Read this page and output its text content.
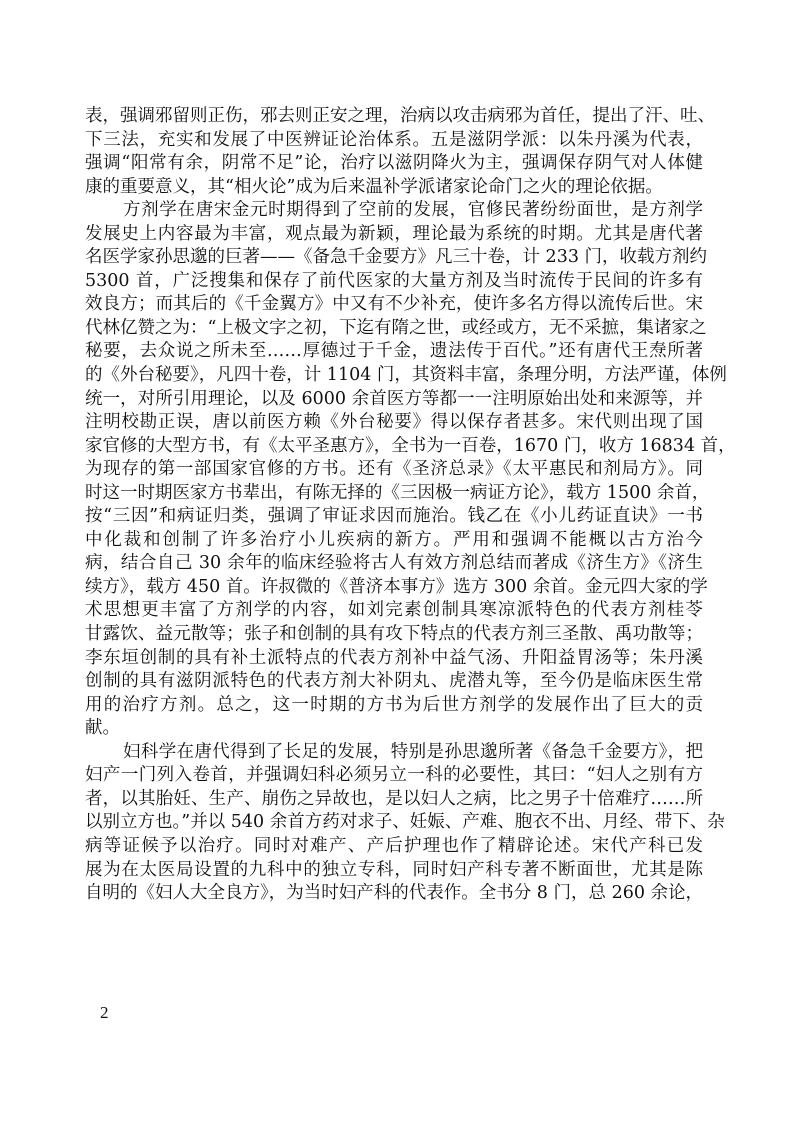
表，强调邪留则正伤，邪去则正安之理，治病以攻击病邪为首任，提出了汗、吐、
下三法，充实和发展了中医辨证论治体系。五是滋阴学派：以朱丹溪为代表，
强调“阳常有余，阴常不足”论，治疗以滋阴降火为主，强调保存阴气对人体健
康的重要意义，其“相火论”成为后来温补学派诸家论命门之火的理论依据。
方剂学在唐宋金元时期得到了空前的发展，官修民著纷纷面世，是方剂学
发展史上内容最为丰富，观点最为新颖，理论最为系统的时期。尤其是唐代著
名医学家孙思邈的巨著——《备急千金要方》凡三十卷，计 233 门，收载方剂约
5300 首，广泛搜集和保存了前代医家的大量方剂及当时流传于民间的许多有
效良方；而其后的《千金翼方》中又有不少补充，使许多名方得以流传后世。宋
代林亿赞之为：“上极文字之初，下迄有隋之世，或经或方，无不采摭，集诸家之
秘要，去众说之所未至……厚德过于千金，遗法传于百代。”还有唐代王焘所著
的《外台秘要》，凡四十卷，计 1104 门，其资料丰富，条理分明，方法严谨，体例
统一，对所引用理论，以及 6000 余首医方等都一一注明原始出处和来源等，并
注明校勘正误，唐以前医方赖《外台秘要》得以保存者甚多。宋代则出现了国
家官修的大型方书，有《太平圣惠方》，全书为一百卷，1670 门，收方 16834 首，
为现存的第一部国家官修的方书。还有《圣济总录》《太平惠民和剂局方》。同
时这一时期医家方书辈出，有陈无择的《三因极一病证方论》，载方 1500 余首，
按“三因”和病证归类，强调了审证求因而施治。钱乙在《小儿药证直诀》一书
中化裁和创制了许多治疗小儿疾病的新方。严用和强调不能概以古方治今
病，结合自己 30 余年的临床经验将古人有效方剂总结而著成《济生方》《济生
续方》，载方 450 首。许叔微的《普济本事方》选方 300 余首。金元四大家的学
术思想更丰富了方剂学的内容，如刘完素创制具寒凉派特色的代表方剂桂苓
甘露饮、益元散等；张子和创制的具有攻下特点的代表方剂三圣散、禹功散等；
李东垣创制的具有补土派特点的代表方剂补中益气汤、升阳益胃汤等；朱丹溪
创制的具有滋阴派特色的代表方剂大补阴丸、虎潜丸等，至今仍是临床医生常
用的治疗方剂。总之，这一时期的方书为后世方剂学的发展作出了巨大的贡
献。
妇科学在唐代得到了长足的发展，特别是孙思邈所著《备急千金要方》，把
妇产一门列入卷首，并强调妇科必须另立一科的必要性，其曰：“妇人之别有方
者，以其胎妊、生产、崩伤之异故也，是以妇人之病，比之男子十倍难疗……所
以别立方也。”并以 540 余首方药对求子、妊娠、产难、胞衣不出、月经、带下、杂
病等证候予以治疗。同时对难产、产后护理也作了精辟论述。宋代产科已发
展为在太医局设置的九科中的独立专科，同时妇产科专著不断面世，尤其是陈
自明的《妇人大全良方》，为当时妇产科的代表作。全书分 8 门，总 260 余论，
2
